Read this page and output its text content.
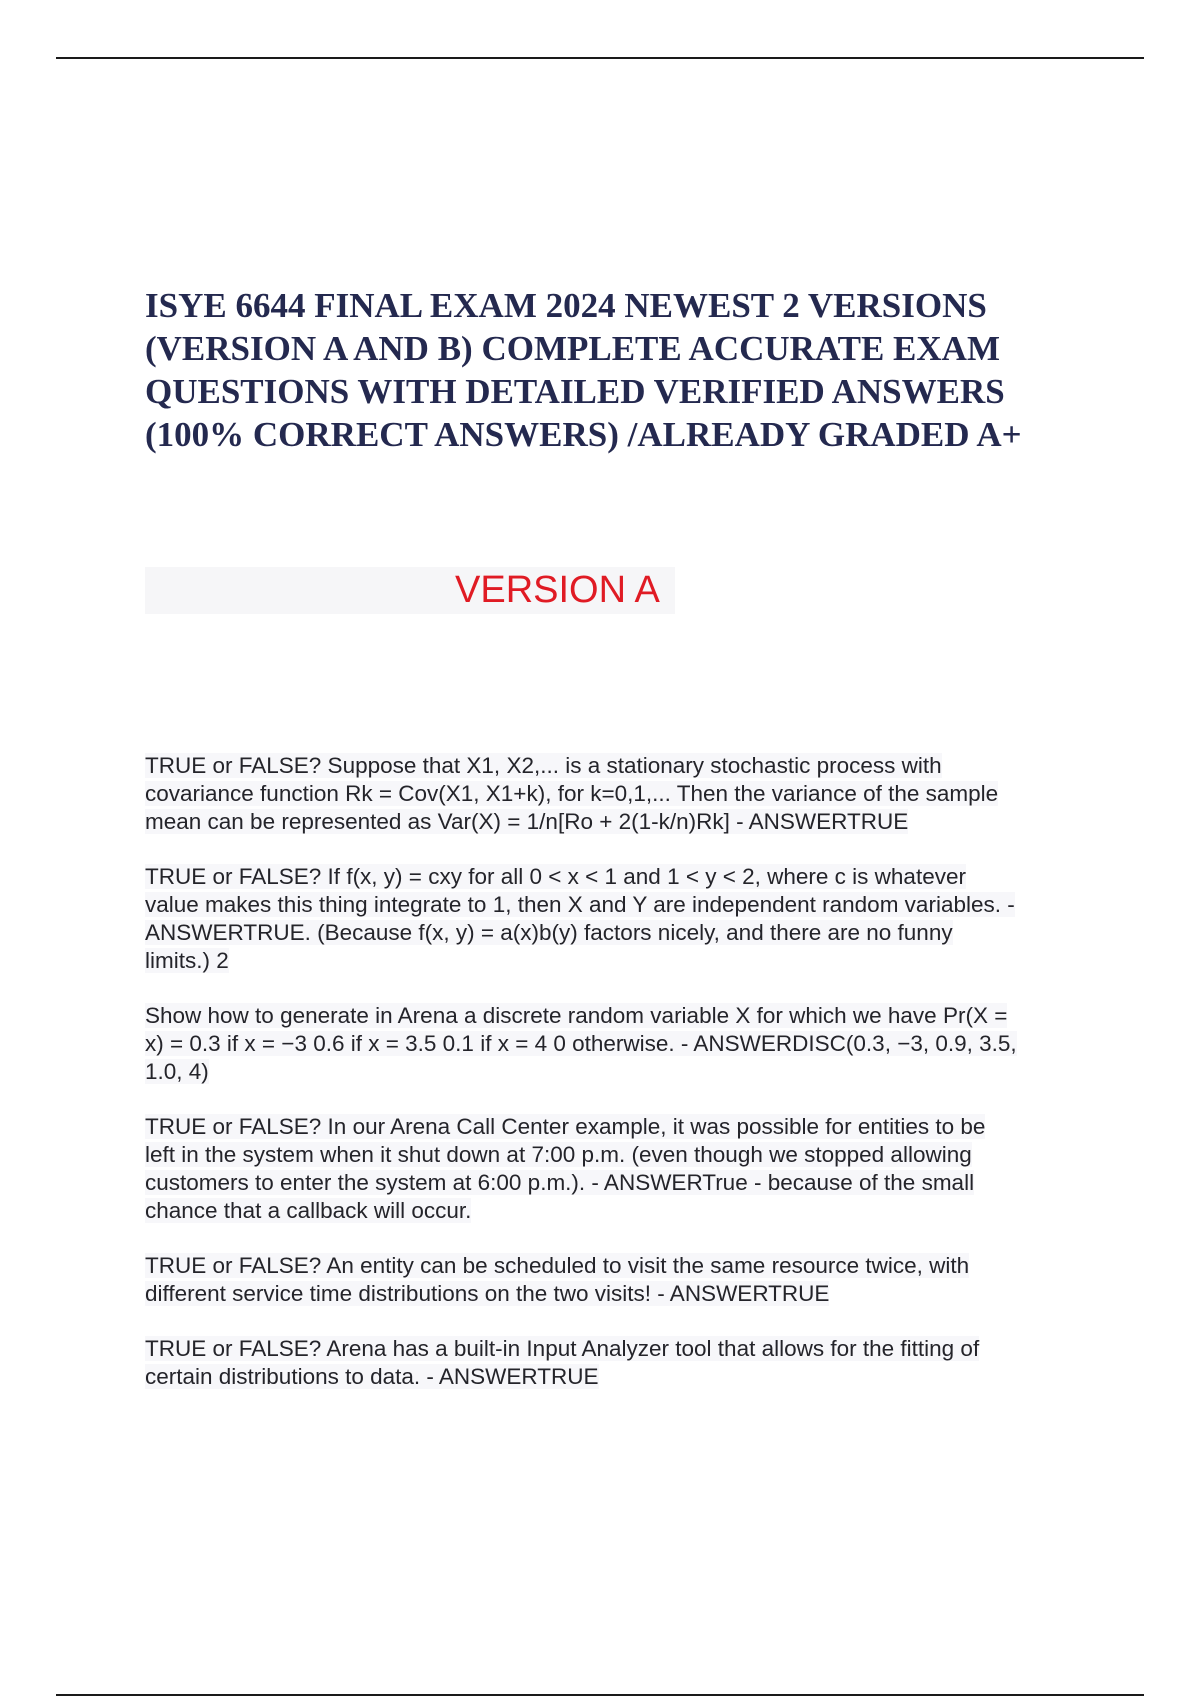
ISYE 6644 FINAL EXAM 2024 NEWEST 2 VERSIONS
(VERSION A AND B) COMPLETE ACCURATE EXAM
QUESTIONS WITH DETAILED VERIFIED ANSWERS
(100% CORRECT ANSWERS) /ALREADY GRADED A+
VERSION A

TRUE or FALSE? Suppose that X1, X2,... is a stationary stochastic process with
covariance function Rk = Cov(X1, X1+k), for k=0,1,... Then the variance of the sample
mean can be represented as Var(X) = 1/n[Ro + 2(1-k/n)Rk] - ANSWERTRUE

TRUE or FALSE? If f(x, y) = cxy for all 0 < x < 1 and 1 < y < 2, where c is whatever
value makes this thing integrate to 1, then X and Y are independent random variables. -
ANSWERTRUE. (Because f(x, y) = a(x)b(y) factors nicely, and there are no funny
limits.) 2

Show how to generate in Arena a discrete random variable X for which we have Pr(X =
x) = 0.3 if x = −3 0.6 if x = 3.5 0.1 if x = 4 0 otherwise. - ANSWERDISC(0.3, −3, 0.9, 3.5,
1.0, 4)

TRUE or FALSE? In our Arena Call Center example, it was possible for entities to be
left in the system when it shut down at 7:00 p.m. (even though we stopped allowing
customers to enter the system at 6:00 p.m.). - ANSWERTrue - because of the small
chance that a callback will occur.

TRUE or FALSE? An entity can be scheduled to visit the same resource twice, with
different service time distributions on the two visits! - ANSWERTRUE

TRUE or FALSE? Arena has a built-in Input Analyzer tool that allows for the fitting of
certain distributions to data. - ANSWERTRUE
